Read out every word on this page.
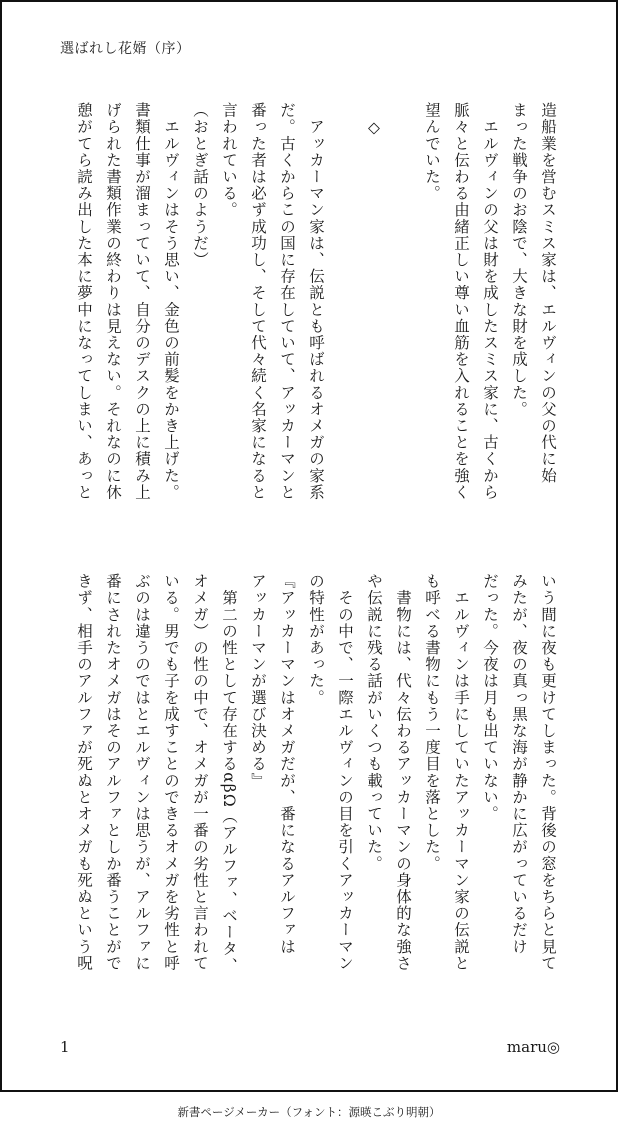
選ばれし花婿（序）
造船業を営むスミス家は、エルヴィンの父の代に始
まった戦争のお陰で、大きな財を成した。
　エルヴィンの父は財を成したスミス家に、古くから
脈々と伝わる由緒正しい尊い血筋を入れることを強く
望んでいた。
　◇
　アッカーマン家は、伝説とも呼ばれるオメガの家系
だ。古くからこの国に存在していて、アッカーマンと
番った者は必ず成功し、そして代々続く名家になると
言われている。
（おとぎ話のようだ）
　エルヴィンはそう思い、金色の前髪をかき上げた。
書類仕事が溜まっていて、自分のデスクの上に積み上
げられた書類作業の終わりは見えない。それなのに休
憩がてら読み出した本に夢中になってしまい、あっと
いう間に夜も更けてしまった。背後の窓をちらと見て
みたが、夜の真っ黒な海が静かに広がっているだけ
だった。今夜は月も出ていない。
　エルヴィンは手にしていたアッカーマン家の伝説と
も呼べる書物にもう一度目を落とした。
　書物には、代々伝わるアッカーマンの身体的な強さ
や伝説に残る話がいくつも載っていた。
　その中で、一際エルヴィンの目を引くアッカーマン
の特性があった。
『アッカーマンはオメガだが、番になるアルファは
アッカーマンが選び決める』
　第二の性として存在するαβΩ（アルファ、ベータ、
オメガ）の性の中で、オメガが一番の劣性と言われて
いる。男でも子を成すことのできるオメガを劣性と呼
ぶのは違うのではとエルヴィンは思うが、アルファに
番にされたオメガはそのアルファとしか番うことがで
きず、相手のアルファが死ぬとオメガも死ぬという呪
1	maru◎
新書ページメーカー（フォント：源暎こぶり明朝）
